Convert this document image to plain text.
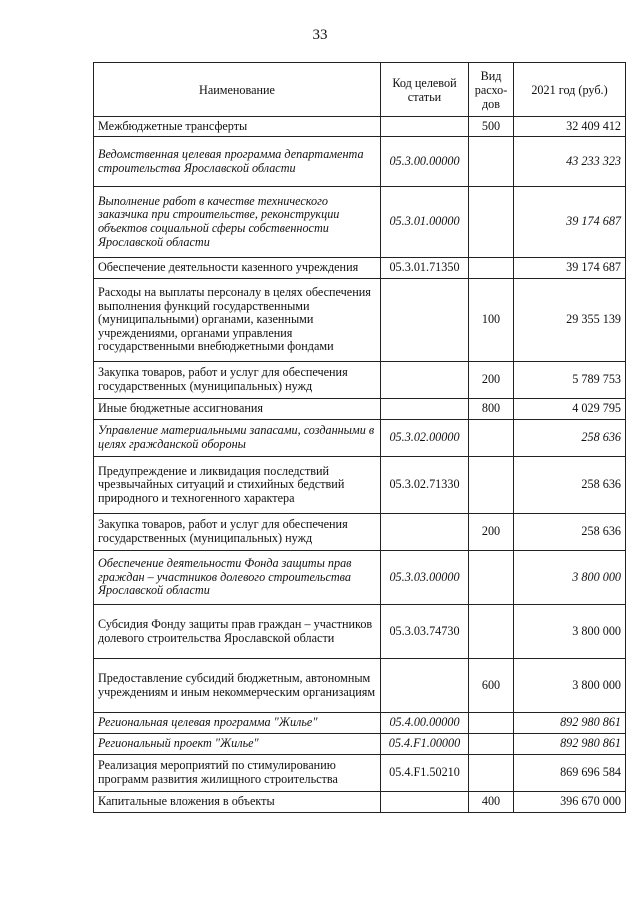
33
Наименование	Код целевой статьи	Вид расхо-дов	2021 год (руб.)
Межбюджетные трансферты		500	32 409 412
Ведомственная целевая программа департамента строительства Ярославской области	05.3.00.00000		43 233 323
Выполнение работ в качестве технического заказчика при строительстве, реконструкции объектов социальной сферы собственности Ярославской области	05.3.01.00000		39 174 687
Обеспечение деятельности казенного учреждения	05.3.01.71350		39 174 687
Расходы на выплаты персоналу в целях обеспечения выполнения функций государственными (муниципальными) органами, казенными учреждениями, органами управления государственными внебюджетными фондами		100	29 355 139
Закупка товаров, работ и услуг для обеспечения государственных (муниципальных) нужд		200	5 789 753
Иные бюджетные ассигнования		800	4 029 795
Управление материальными запасами, созданными в целях гражданской обороны	05.3.02.00000		258 636
Предупреждение и ликвидация последствий чрезвычайных ситуаций и стихийных бедствий природного и техногенного характера	05.3.02.71330		258 636
Закупка товаров, работ и услуг для обеспечения государственных (муниципальных) нужд		200	258 636
Обеспечение деятельности Фонда защиты прав граждан – участников долевого строительства Ярославской области	05.3.03.00000		3 800 000
Субсидия Фонду защиты прав граждан – участников долевого строительства Ярославской области	05.3.03.74730		3 800 000
Предоставление субсидий бюджетным, автономным учреждениям и иным некоммерческим организациям		600	3 800 000
Региональная целевая программа "Жилье"	05.4.00.00000		892 980 861
Региональный проект "Жилье"	05.4.F1.00000		892 980 861
Реализация мероприятий по стимулированию программ развития жилищного строительства	05.4.F1.50210		869 696 584
Капитальные вложения в объекты		400	396 670 000
